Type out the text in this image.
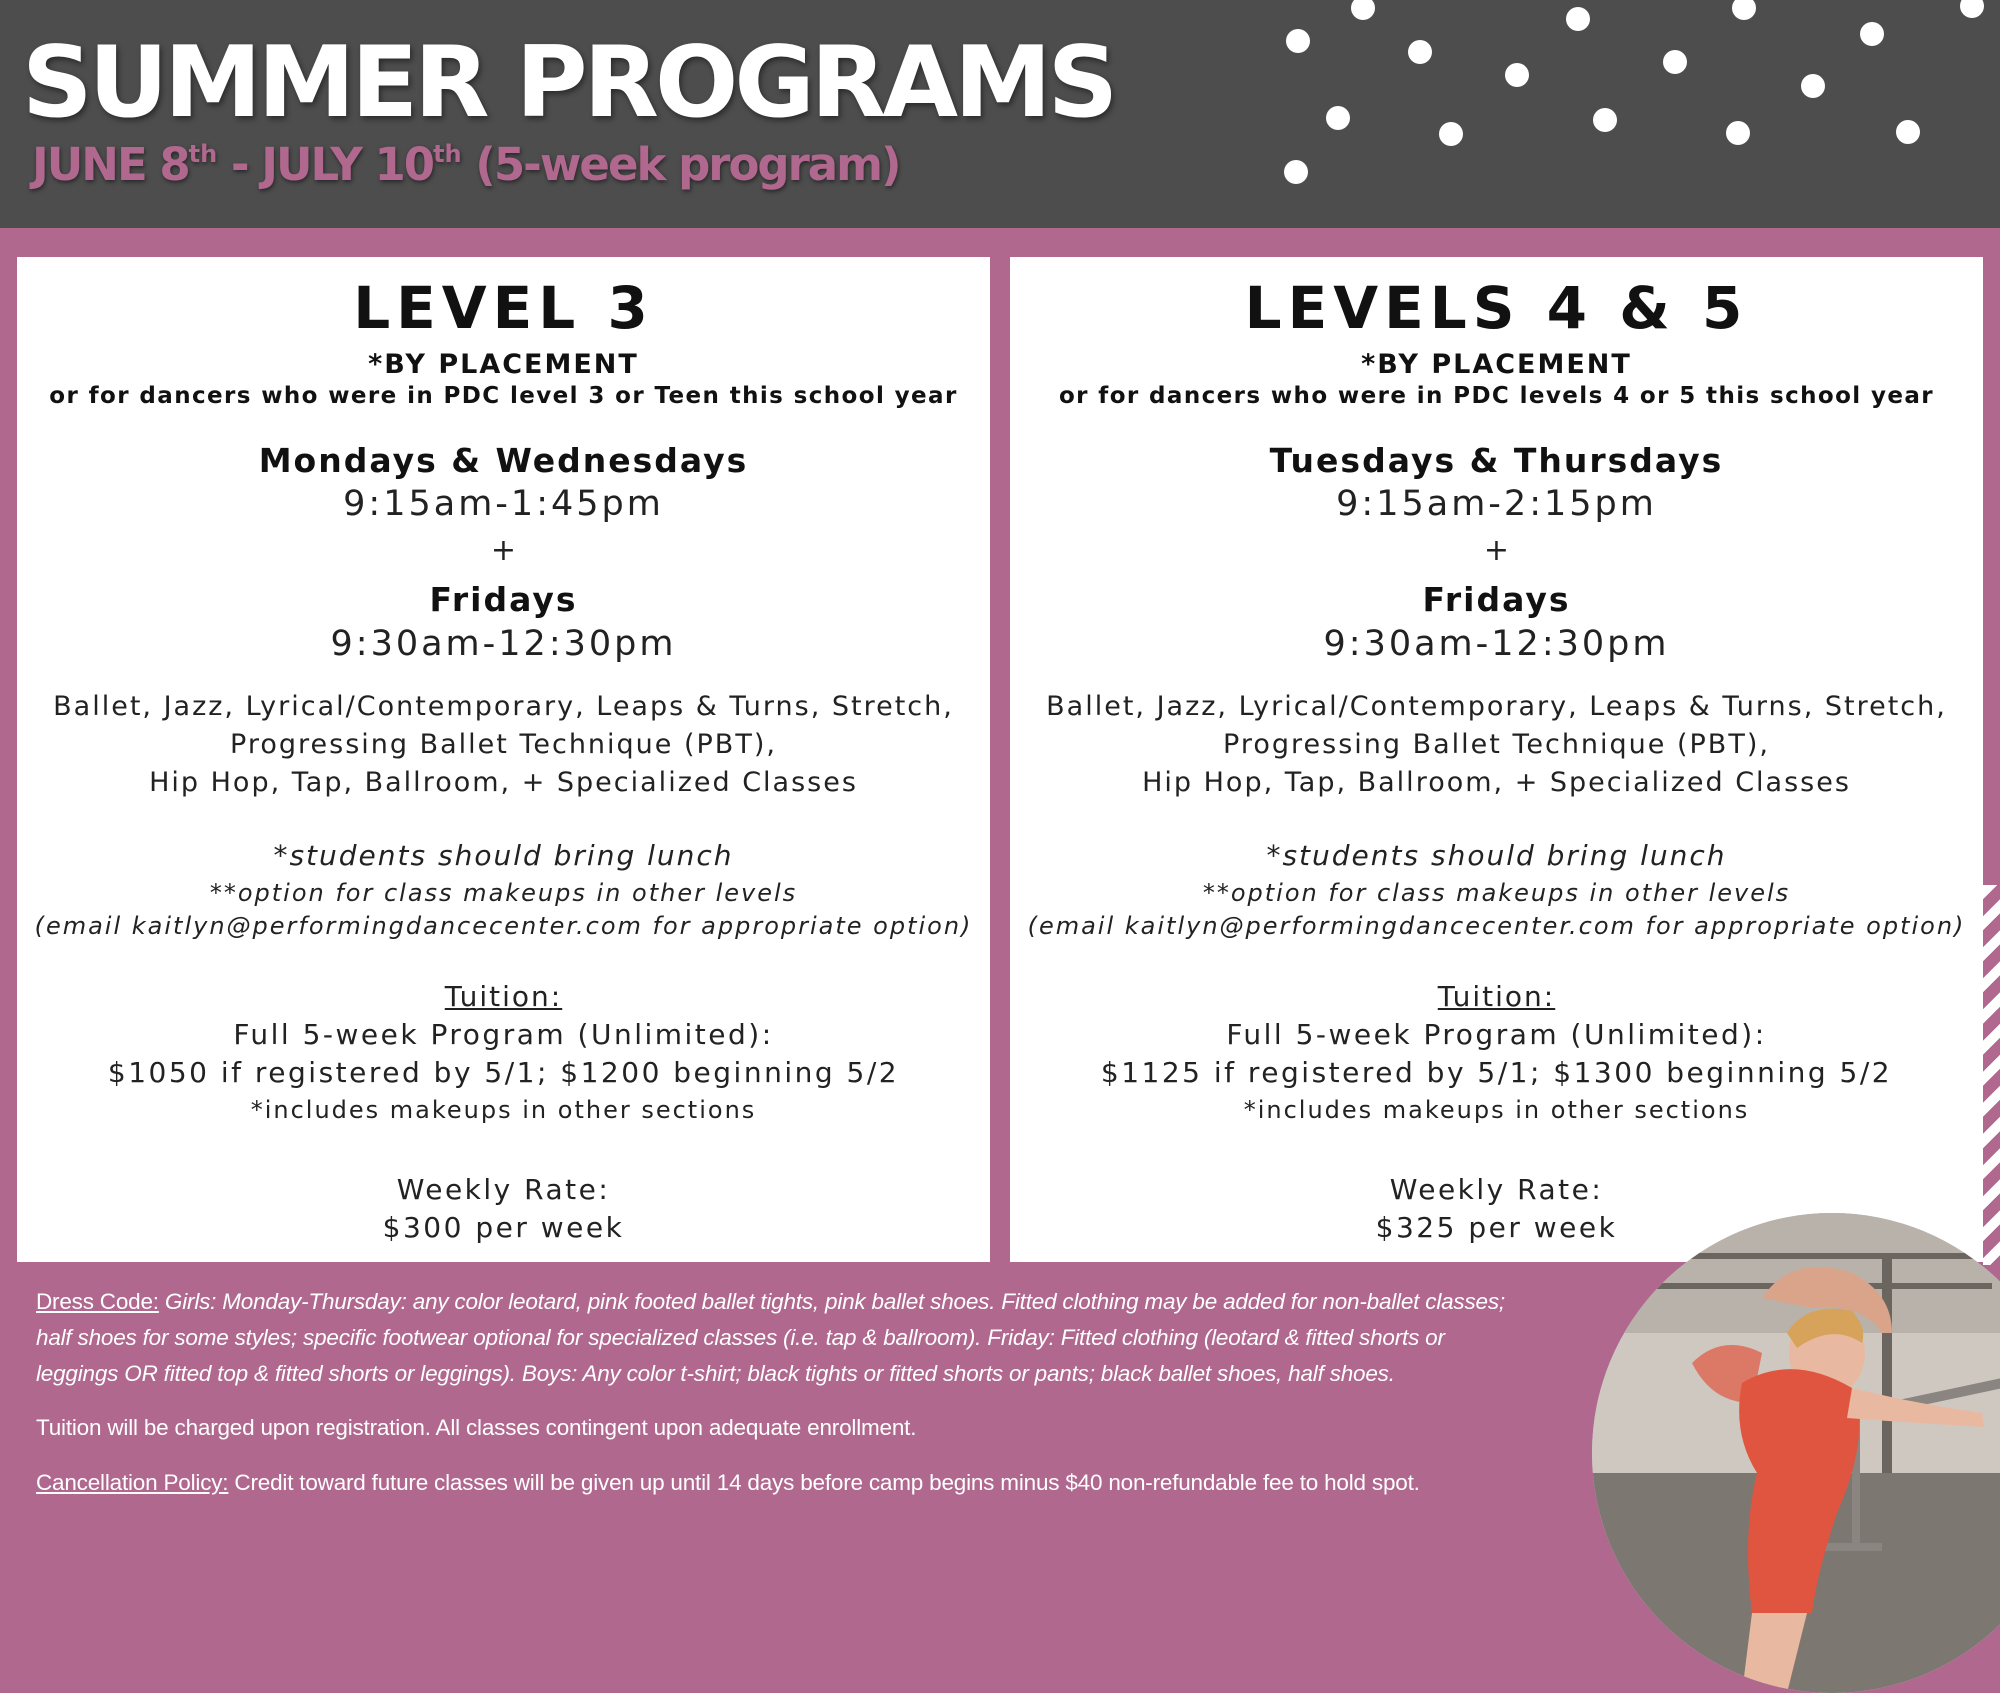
SUMMER PROGRAMS
JUNE 8th - JULY 10th (5-week program)
LEVEL 3
*BY PLACEMENT
or for dancers who were in PDC level 3 or Teen this school year
Mondays & Wednesdays
9:15am-1:45pm
+
Fridays
9:30am-12:30pm
Ballet, Jazz, Lyrical/Contemporary, Leaps & Turns, Stretch,
Progressing Ballet Technique (PBT),
Hip Hop, Tap, Ballroom, + Specialized Classes
*students should bring lunch
**option for class makeups in other levels
(email kaitlyn@performingdancecenter.com for appropriate option)
Tuition:
Full 5-week Program (Unlimited):
$1050 if registered by 5/1; $1200 beginning 5/2
*includes makeups in other sections
Weekly Rate:
$300 per week
LEVELS 4 & 5
*BY PLACEMENT
or for dancers who were in PDC levels 4 or 5 this school year
Tuesdays & Thursdays
9:15am-2:15pm
+
Fridays
9:30am-12:30pm
Ballet, Jazz, Lyrical/Contemporary, Leaps & Turns, Stretch,
Progressing Ballet Technique (PBT),
Hip Hop, Tap, Ballroom, + Specialized Classes
*students should bring lunch
**option for class makeups in other levels
(email kaitlyn@performingdancecenter.com for appropriate option)
Tuition:
Full 5-week Program (Unlimited):
$1125 if registered by 5/1; $1300 beginning 5/2
*includes makeups in other sections
Weekly Rate:
$325 per week
Dress Code: Girls: Monday-Thursday: any color leotard, pink footed ballet tights, pink ballet shoes. Fitted clothing may be added for non-ballet classes;
half shoes for some styles; specific footwear optional for specialized classes (i.e. tap & ballroom). Friday: Fitted clothing (leotard & fitted shorts or
leggings OR fitted top & fitted shorts or leggings). Boys: Any color t-shirt; black tights or fitted shorts or pants; black ballet shoes, half shoes.
Tuition will be charged upon registration. All classes contingent upon adequate enrollment.
Cancellation Policy: Credit toward future classes will be given up until 14 days before camp begins minus $40 non-refundable fee to hold spot.
